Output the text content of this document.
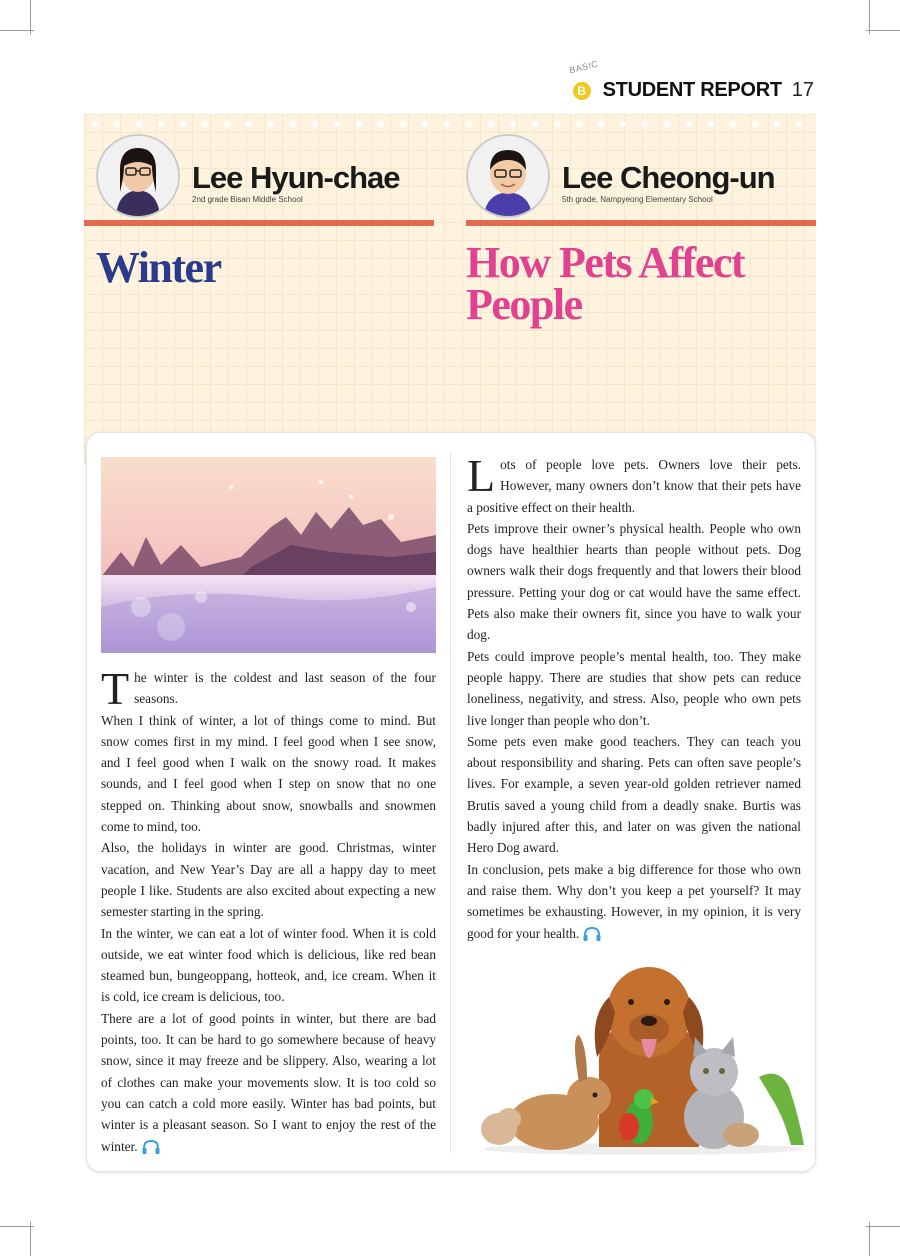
BASIC
B STUDENT REPORT 17
Lee Hyun-chae
2nd grade Bisan Middle School
Lee Cheong-un
5th grade, Nampyeong Elementary School
Winter	How Pets Affect People

The winter is the coldest and last season of the four seasons.

When I think of winter, a lot of things come to mind. But snow comes first in my mind. I feel good when I see snow, and I feel good when I walk on the snowy road. It makes sounds, and I feel good when I step on snow that no one stepped on. Thinking about snow, snowballs and snowmen come to mind, too.

Also, the holidays in winter are good. Christmas, winter vacation, and New Year’s Day are all a happy day to meet people I like. Students are also excited about expecting a new semester starting in the spring.

In the winter, we can eat a lot of winter food. When it is cold outside, we eat winter food which is delicious, like red bean steamed bun, bungeoppang, hotteok, and, ice cream. When it is cold, ice cream is delicious, too.

There are a lot of good points in winter, but there are bad points, too. It can be hard to go somewhere because of heavy snow, since it may freeze and be slippery. Also, wearing a lot of clothes can make your movements slow. It is too cold so you can catch a cold more easily. Winter has bad points, but winter is a pleasant season. So I want to enjoy the rest of the winter.

Lots of people love pets. Owners love their pets. However, many owners don’t know that their pets have a positive effect on their health.

Pets improve their owner’s physical health. People who own dogs have healthier hearts than people without pets. Dog owners walk their dogs frequently and that lowers their blood pressure. Petting your dog or cat would have the same effect. Pets also make their owners fit, since you have to walk your dog.

Pets could improve people’s mental health, too. They make people happy. There are studies that show pets can reduce loneliness, negativity, and stress. Also, people who own pets live longer than people who don’t.

Some pets even make good teachers. They can teach you about responsibility and sharing. Pets can often save people’s lives. For example, a seven year-old golden retriever named Brutis saved a young child from a deadly snake. Burtis was badly injured after this, and later on was given the national Hero Dog award.

In conclusion, pets make a big difference for those who own and raise them. Why don’t you keep a pet yourself? It may sometimes be exhausting. However, in my opinion, it is very good for your health.
